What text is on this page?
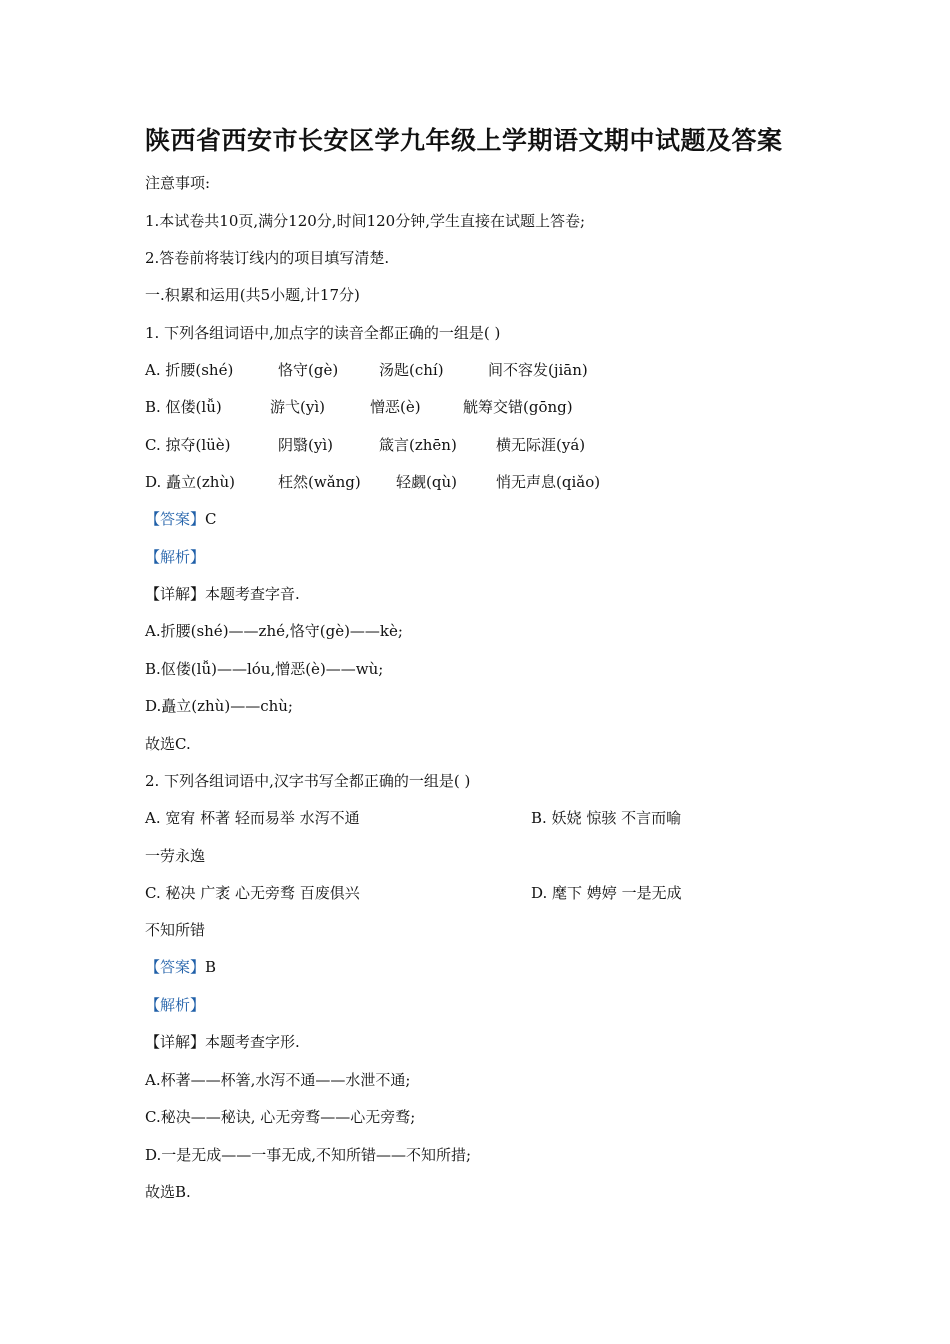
陕西省西安市长安区学九年级上学期语文期中试题及答案
注意事项:
1.本试卷共10页,满分120分,时间120分钟,学生直接在试题上答卷;
2.答卷前将装订线内的项目填写清楚.
一.积累和运用(共5小题,计17分)
1. 下列各组词语中,加点字的读音全都正确的一组是( )
A. 折腰(shé)	恪守(gè)	汤匙(chí)	间不容发(jiān)
B. 伛偻(lǚ)	游弋(yì)	憎恶(è)	觥筹交错(gōng)
C. 掠夺(lüè)	阴翳(yì)	箴言(zhēn)	横无际涯(yá)
D. 矗立(zhù)	枉然(wǎng) 轻觑(qù)	悄无声息(qiǎo)
【答案】C
【解析】
【详解】本题考查字音.
A.折腰(shé)——zhé,恪守(gè)——kè;
B.伛偻(lǚ)——lóu,憎恶(è)——wù;
D.矗立(zhù)——chù;
故选C.
2. 下列各组词语中,汉字书写全都正确的一组是( )
A. 宽宥 杯著 轻而易举 水泻不通	B. 妖娆 惊骇 不言而喻
一劳永逸
C. 秘决 广袤 心无旁骛 百废俱兴	D. 麾下 娉婷 一是无成
不知所错
【答案】B
【解析】
【详解】本题考查字形.
A.杯著——杯箸,水泻不通——水泄不通;
C.秘决——秘诀, 心无旁骛——心无旁骛;
D.一是无成——一事无成,不知所错——不知所措;
故选B.
